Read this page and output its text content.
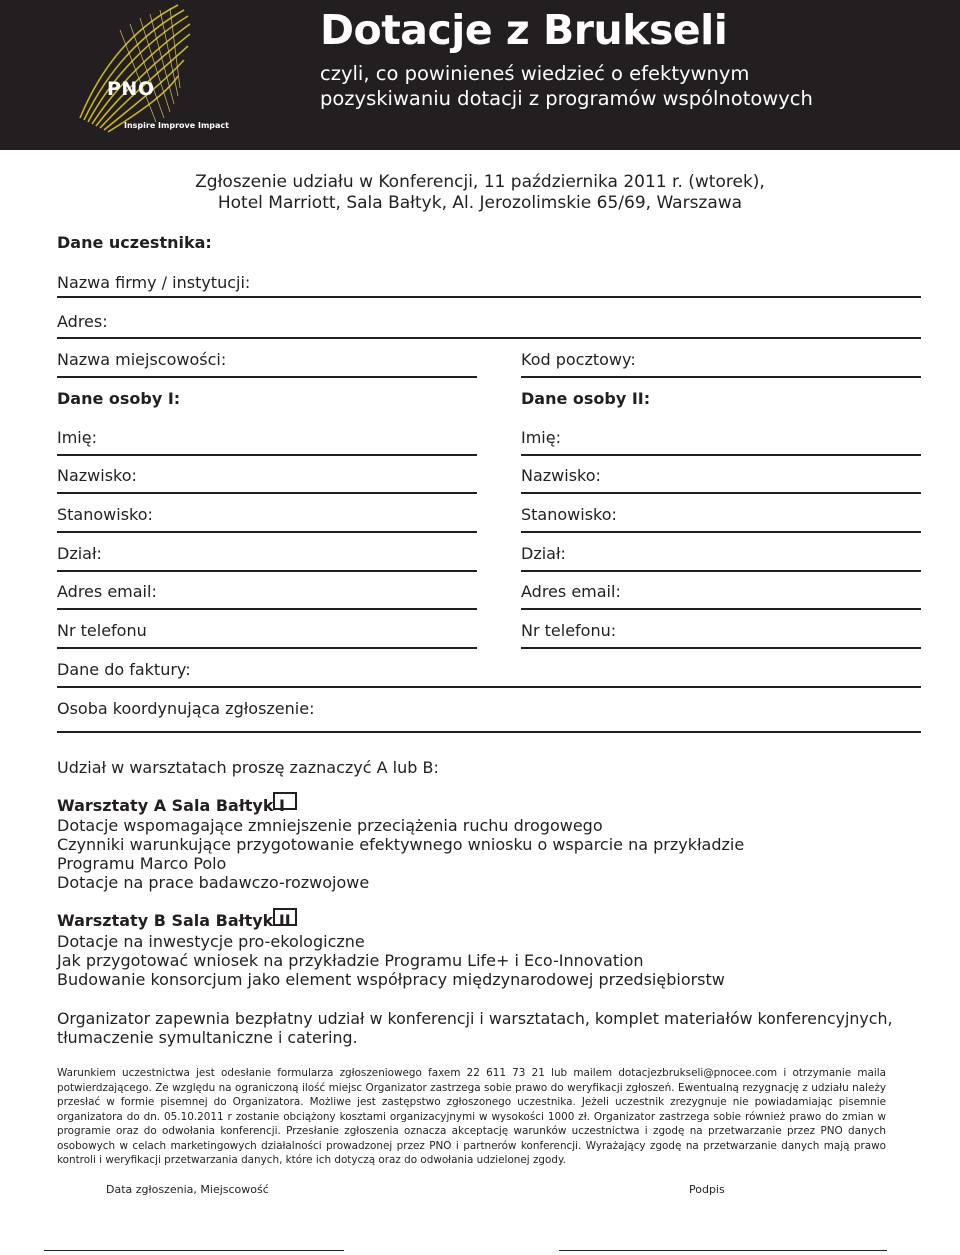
PNO
Inspire Improve Impact
Dotacje z Brukseli
czyli, co powinieneś wiedzieć o efektywnym
pozyskiwaniu dotacji z programów wspólnotowych
Zgłoszenie udziału w Konferencji, 11 października 2011 r. (wtorek),
Hotel Marriott, Sala Bałtyk, Al. Jerozolimskie 65/69, Warszawa
Dane uczestnika:
Nazwa firmy / instytucji:
Adres:
Nazwa miejscowości:	Kod pocztowy:
Dane osoby I:
Imię:
Nazwisko:
Stanowisko:
Dział:
Adres email:
Nr telefonu
Dane osoby II:
Imię:
Nazwisko:
Stanowisko:
Dział:
Adres email:
Nr telefonu:
Dane do faktury:
Osoba koordynująca zgłoszenie:
Udział w warsztatach proszę zaznaczyć A lub B:
Warsztaty A Sala Bałtyk I
Dotacje wspomagające zmniejszenie przeciążenia ruchu drogowego
Czynniki warunkujące przygotowanie efektywnego wniosku o wsparcie na przykładzie
Programu Marco Polo
Dotacje na prace badawczo-rozwojowe
Warsztaty B Sala Bałtyk II
Dotacje na inwestycje pro-ekologiczne
Jak przygotować wniosek na przykładzie Programu Life+ i Eco-Innovation
Budowanie konsorcjum jako element współpracy międzynarodowej przedsiębiorstw
Organizator zapewnia bezpłatny udział w konferencji i warsztatach, komplet materiałów konferencyjnych,
tłumaczenie symultaniczne i catering.
Warunkiem uczestnictwa jest odesłanie formularza zgłoszeniowego faxem 22 611 73 21 lub mailem dotacjezbrukseli@pnocee.com i otrzymanie maila potwierdzającego. Ze względu na ograniczoną ilość miejsc Organizator zastrzega sobie prawo do weryfikacji zgłoszeń. Ewentualną rezygnację z udziału należy przesłać w formie pisemnej do Organizatora. Możliwe jest zastępstwo zgłoszonego uczestnika. Jeżeli uczestnik zrezygnuje nie powiadamiając pisemnie organizatora do dn. 05.10.2011 r zostanie obciążony kosztami organizacyjnymi w wysokości 1000 zł. Organizator zastrzega sobie również prawo do zmian w programie oraz do odwołania konferencji. Przesłanie zgłoszenia oznacza akceptację warunków uczestnictwa i zgodę na przetwarzanie przez PNO danych osobowych w celach marketingowych działalności prowadzonej przez PNO i partnerów konferencji. Wyrażający zgodę na przetwarzanie danych mają prawo kontroli i weryfikacji przetwarzania danych, które ich dotyczą oraz do odwołania udzielonej zgody.
Data zgłoszenia, Miejscowość	Podpis
